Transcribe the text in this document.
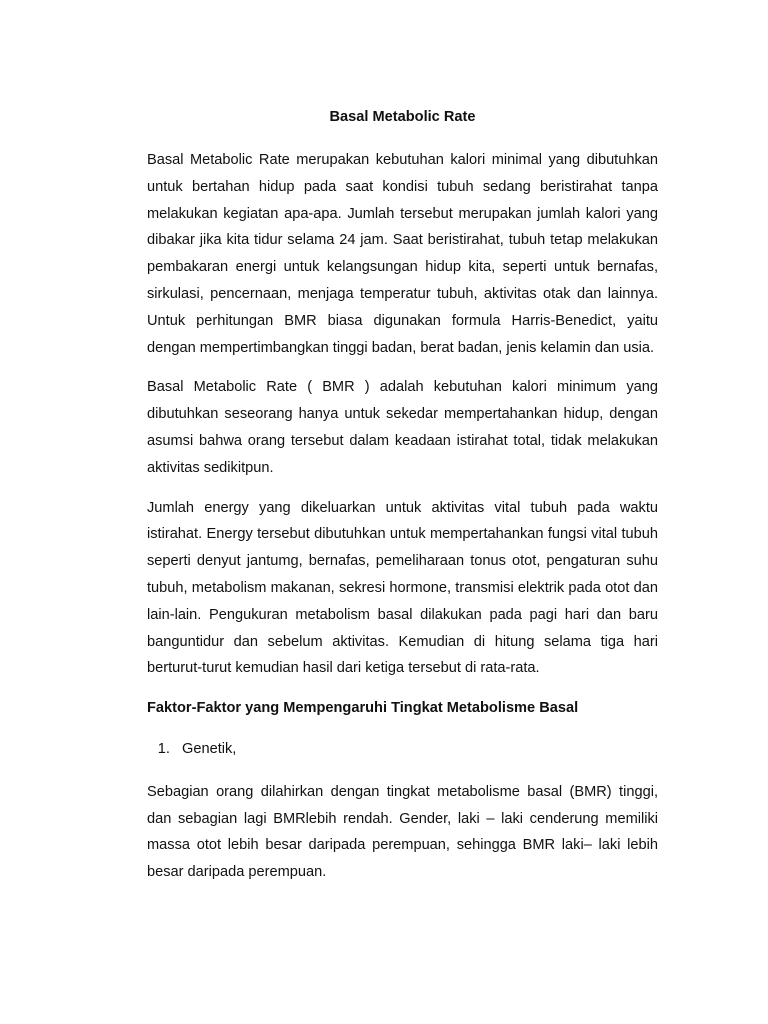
Basal Metabolic Rate

Basal Metabolic Rate merupakan kebutuhan kalori minimal yang dibutuhkan untuk bertahan hidup pada saat kondisi tubuh sedang beristirahat tanpa melakukan kegiatan apa-apa. Jumlah tersebut merupakan jumlah kalori yang dibakar jika kita tidur selama 24 jam. Saat beristirahat, tubuh tetap melakukan pembakaran energi untuk kelangsungan hidup kita, seperti untuk bernafas, sirkulasi, pencernaan, menjaga temperatur tubuh, aktivitas otak dan lainnya. Untuk perhitungan BMR biasa digunakan formula Harris-Benedict, yaitu dengan mempertimbangkan tinggi badan, berat badan, jenis kelamin dan usia.

Basal Metabolic Rate ( BMR ) adalah kebutuhan kalori minimum yang dibutuhkan seseorang hanya untuk sekedar mempertahankan hidup, dengan asumsi bahwa orang tersebut dalam keadaan istirahat total, tidak melakukan aktivitas sedikitpun.

Jumlah energy yang dikeluarkan untuk aktivitas vital tubuh pada waktu istirahat. Energy tersebut dibutuhkan untuk mempertahankan fungsi vital tubuh seperti denyut jantumg, bernafas, pemeliharaan tonus otot, pengaturan suhu tubuh, metabolism makanan, sekresi hormone, transmisi elektrik pada otot dan lain-lain. Pengukuran metabolism basal dilakukan pada pagi hari dan baru banguntidur dan sebelum aktivitas. Kemudian di hitung selama tiga hari berturut-turut kemudian hasil dari ketiga tersebut di rata-rata.

Faktor-Faktor yang Mempengaruhi Tingkat Metabolisme Basal
1. Genetik,

Sebagian orang dilahirkan dengan tingkat metabolisme basal (BMR) tinggi, dan sebagian lagi BMRlebih rendah. Gender, laki – laki cenderung memiliki massa otot lebih besar daripada perempuan, sehingga BMR laki– laki lebih besar daripada perempuan.
